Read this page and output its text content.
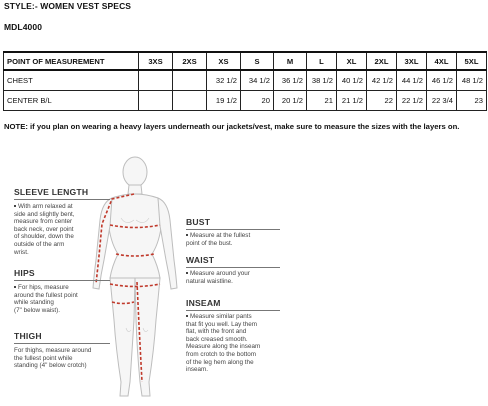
STYLE:- WOMEN VEST SPECS
MDL4000
POINT OF MEASUREMENT	3XS	2XS	XS	S	M	L	XL	2XL	3XL	4XL	5XL
CHEST			32 1/2	34 1/2	36 1/2	38 1/2	40 1/2	42 1/2	44 1/2	46 1/2	48 1/2
CENTER B/L			19 1/2	20	20 1/2	21	21 1/2	22	22 1/2	22 3/4	23
NOTE: if you plan on wearing a heavy layers underneath our jackets/vest, make sure to measure the sizes with the layers on.
SLEEVE LENGTH
With arm relaxed at
side and slightly bent,
measure from center
back neck, over point
of shoulder, down the
outside of the arm
wrist.
HIPS
For hips, measure
around the fullest point
while standing
(7" below waist).
THIGH
For thighs, measure around
the fullest point while
standing (4" below crotch)
BUST
Measure at the fullest
point of the bust.
WAIST
Measure around your
natural waistline.
INSEAM
Measure similar pants
that fit you well. Lay them
flat, with the front and
back creased smooth.
Measure along the inseam
from crotch to the bottom
of the leg hem along the
inseam.
